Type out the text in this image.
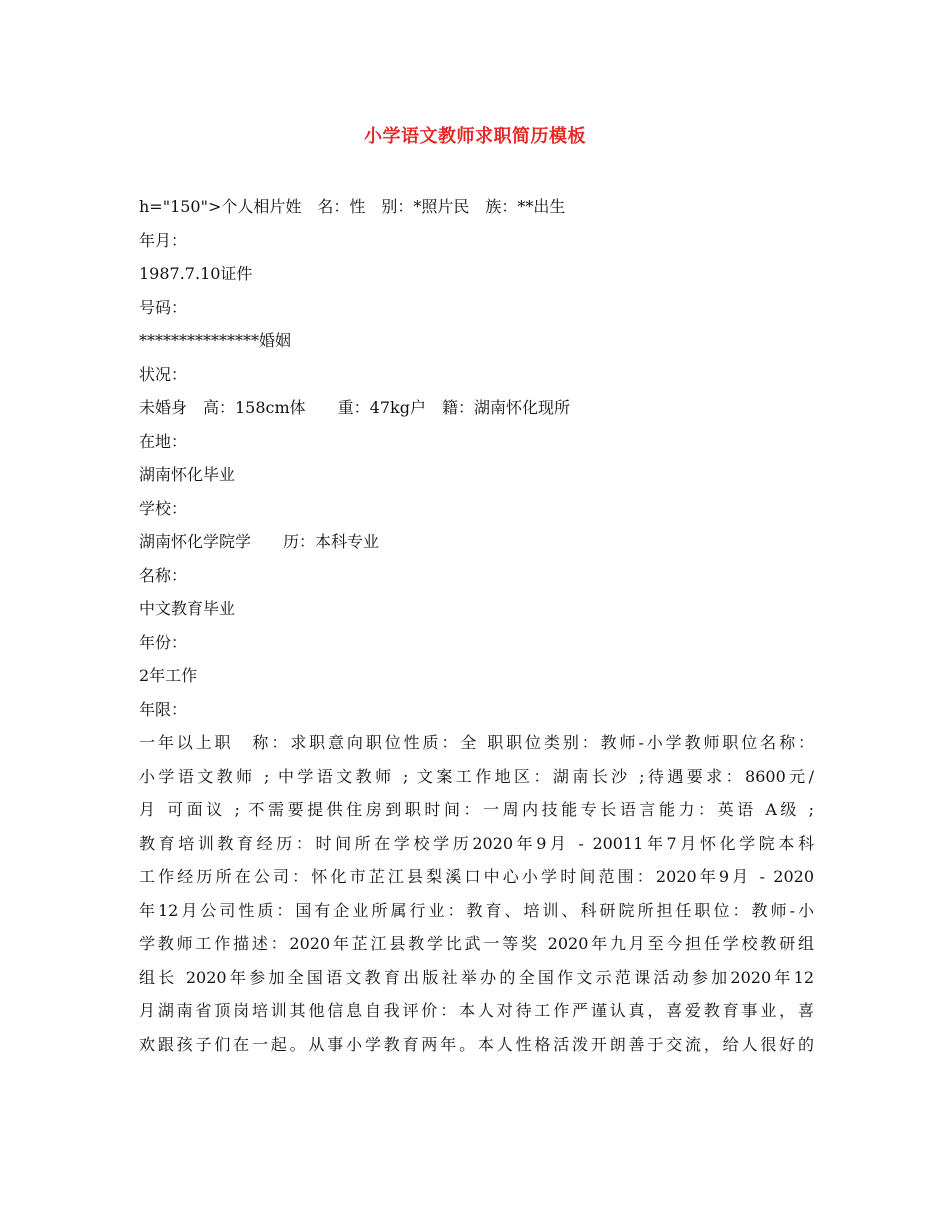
小学语文教师求职简历模板
h="150">个人相片姓　名：性　别：*照片民　族：**出生
年月：
1987.7.10证件
号码：
***************婚姻
状况：
未婚身　高：158cm体　　重：47kg户　籍：湖南怀化现所
在地：
湖南怀化毕业
学校：
湖南怀化学院学　　历：本科专业
名称：
中文教育毕业
年份：
2年工作
年限：
一年以上职　称：求职意向职位性质：全 职职位类别：教师-小学教师职位名称：
小学语文教师 ; 中学语文教师 ; 文案工作地区：湖南长沙 ;待遇要求：8600元/
月 可面议 ; 不需要提供住房到职时间：一周内技能专长语言能力：英语 A级 ;
教育培训教育经历：时间所在学校学历2020年9月 - 20011年7月怀化学院本科
工作经历所在公司：怀化市芷江县梨溪口中心小学时间范围：2020年9月 - 2020
年12月公司性质：国有企业所属行业：教育、培训、科研院所担任职位：教师-小
学教师工作描述：2020年芷江县教学比武一等奖 2020年九月至今担任学校教研组
组长 2020年参加全国语文教育出版社举办的全国作文示范课活动参加2020年12
月湖南省顶岗培训其他信息自我评价：本人对待工作严谨认真，喜爱教育事业，喜
欢跟孩子们在一起。从事小学教育两年。本人性格活泼开朗善于交流，给人很好的
